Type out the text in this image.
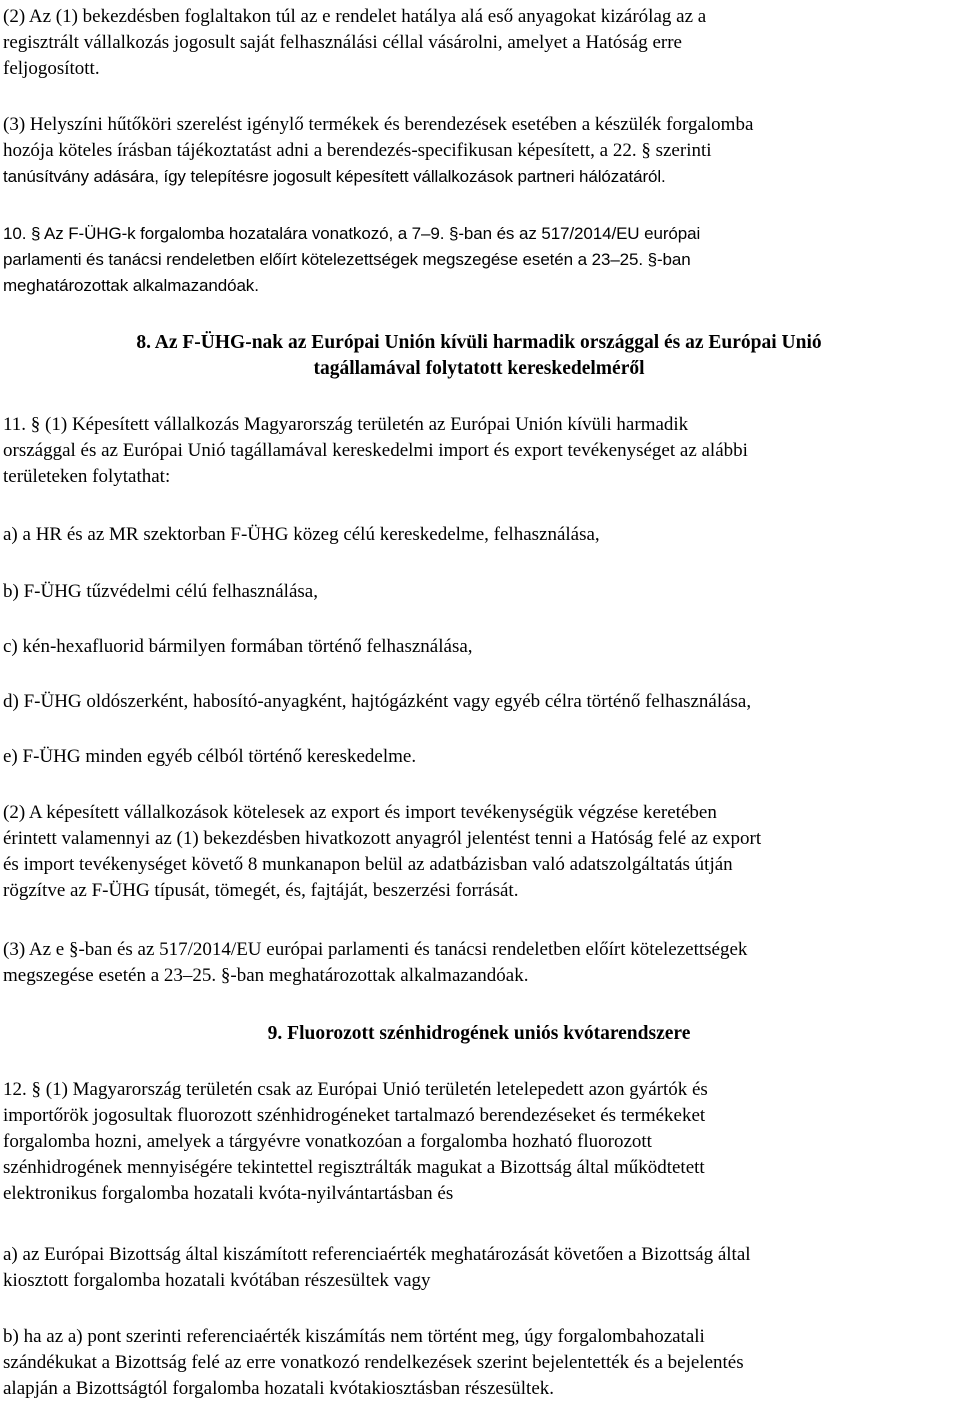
(2) Az (1) bekezdésben foglaltakon túl az e rendelet hatálya alá eső anyagokat kizárólag az a
regisztrált vállalkozás jogosult saját felhasználási céllal vásárolni, amelyet a Hatóság erre
feljogosított.
(3) Helyszíni hűtőköri szerelést igénylő termékek és berendezések esetében a készülék forgalomba
hozója köteles írásban tájékoztatást adni a berendezés-specifikusan képesített, a 22. § szerinti
tanúsítvány adására, így telepítésre jogosult képesített vállalkozások partneri hálózatáról.
10. § Az F-ÜHG-k forgalomba hozatalára vonatkozó, a 7–9. §-ban és az 517/2014/EU európai
parlamenti és tanácsi rendeletben előírt kötelezettségek megszegése esetén a 23–25. §-ban
meghatározottak alkalmazandóak.
8. Az F-ÜHG-nak az Európai Unión kívüli harmadik országgal és az Európai Unió
tagállamával folytatott kereskedelméről
11. § (1) Képesített vállalkozás Magyarország területén az Európai Unión kívüli harmadik
országgal és az Európai Unió tagállamával kereskedelmi import és export tevékenységet az alábbi
területeken folytathat:

a) a HR és az MR szektorban F-ÜHG közeg célú kereskedelme, felhasználása,

b) F-ÜHG tűzvédelmi célú felhasználása,

c) kén-hexafluorid bármilyen formában történő felhasználása,

d) F-ÜHG oldószerként, habosító-anyagként, hajtógázként vagy egyéb célra történő felhasználása,

e) F-ÜHG minden egyéb célból történő kereskedelme.

(2) A képesített vállalkozások kötelesek az export és import tevékenységük végzése keretében
érintett valamennyi az (1) bekezdésben hivatkozott anyagról jelentést tenni a Hatóság felé az export
és import tevékenységet követő 8 munkanapon belül az adatbázisban való adatszolgáltatás útján
rögzítve az F-ÜHG típusát, tömegét, és, fajtáját, beszerzési forrását.
(3) Az e §-ban és az 517/2014/EU európai parlamenti és tanácsi rendeletben előírt kötelezettségek
megszegése esetén a 23–25. §-ban meghatározottak alkalmazandóak.

9. Fluorozott szénhidrogének uniós kvótarendszere

12. § (1) Magyarország területén csak az Európai Unió területén letelepedett azon gyártók és
importőrök jogosultak fluorozott szénhidrogéneket tartalmazó berendezéseket és termékeket
forgalomba hozni, amelyek a tárgyévre vonatkozóan a forgalomba hozható fluorozott
szénhidrogének mennyiségére tekintettel regisztrálták magukat a Bizottság által működtetett
elektronikus forgalomba hozatali kvóta-nyilvántartásban és
a) az Európai Bizottság által kiszámított referenciaérték meghatározását követően a Bizottság által
kiosztott forgalomba hozatali kvótában részesültek vagy
b) ha az a) pont szerinti referenciaérték kiszámítás nem történt meg, úgy forgalombahozatali
szándékukat a Bizottság felé az erre vonatkozó rendelkezések szerint bejelentették és a bejelentés
alapján a Bizottságtól forgalomba hozatali kvótakiosztásban részesültek.
